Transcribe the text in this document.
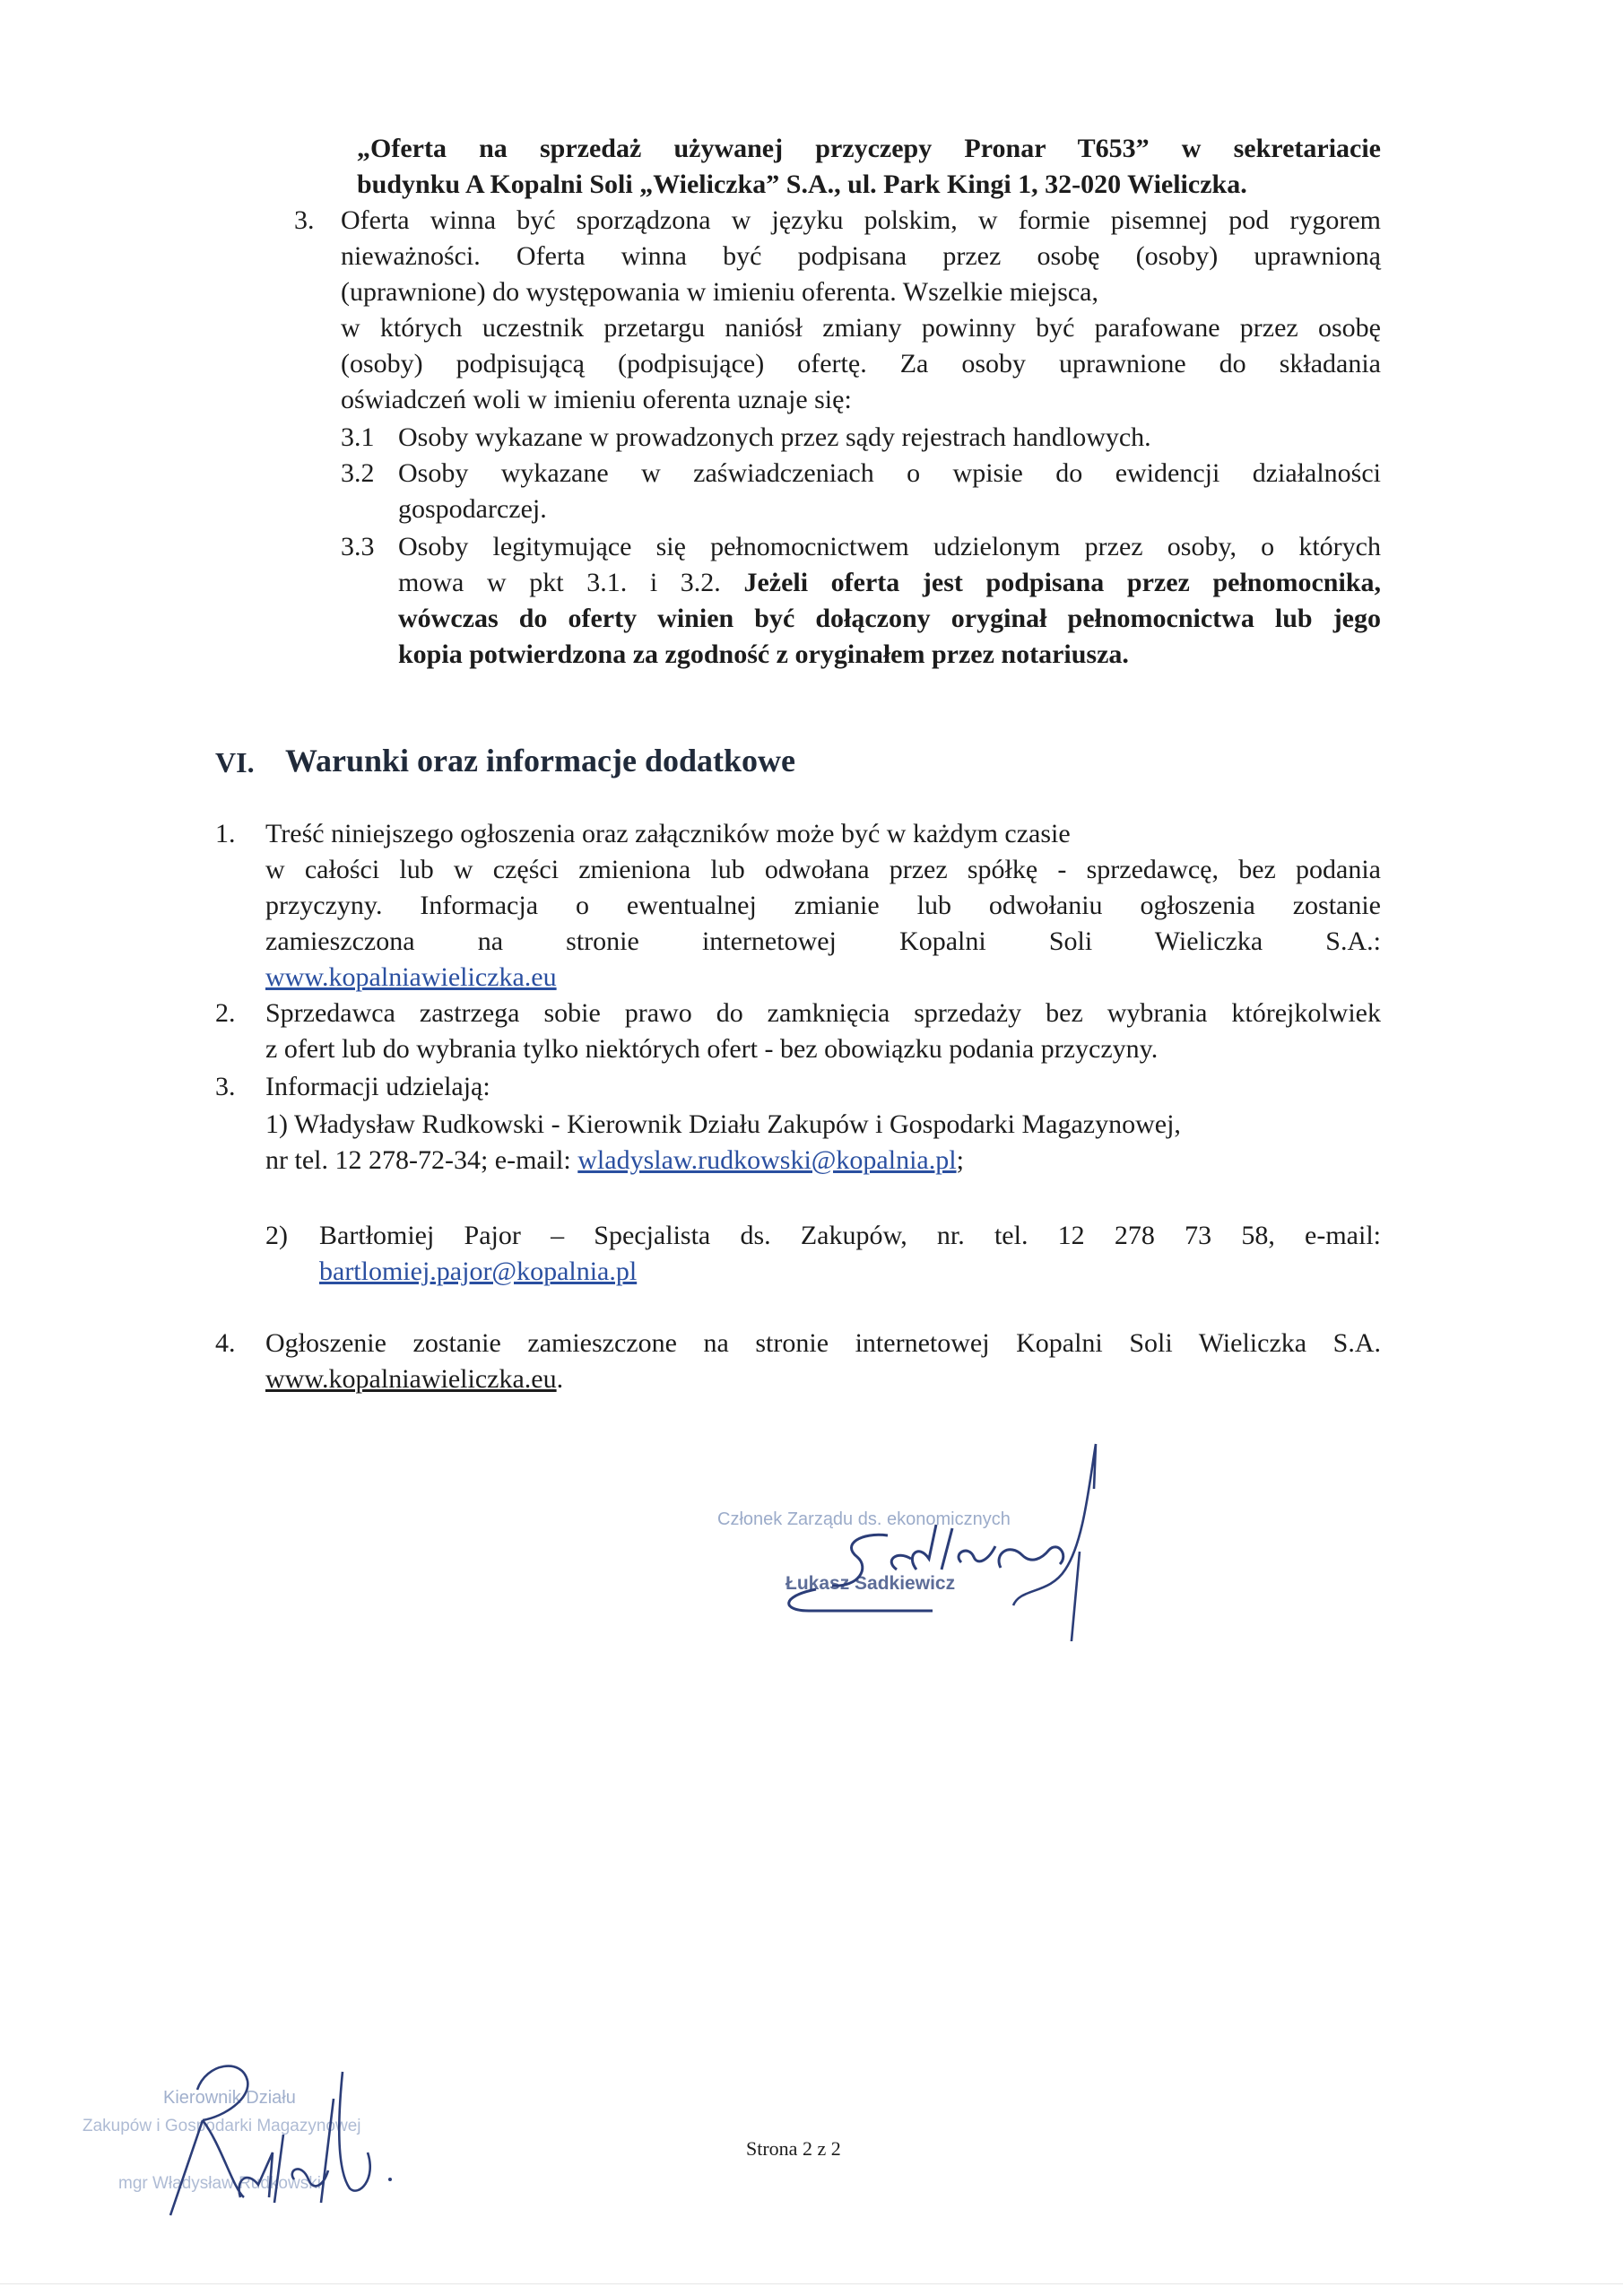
„Oferta na sprzedaż używanej przyczepy Pronar T653” w sekretariacie
budynku A Kopalni Soli „Wieliczka” S.A., ul. Park Kingi 1, 32-020 Wieliczka.
3. Oferta winna być sporządzona w języku polskim, w formie pisemnej pod rygorem
nieważności. Oferta winna być podpisana przez osobę (osoby) uprawnioną
(uprawnione) do występowania w imieniu oferenta. Wszelkie miejsca,
w których uczestnik przetargu naniósł zmiany powinny być parafowane przez osobę
(osoby) podpisującą (podpisujące) ofertę. Za osoby uprawnione do składania
oświadczeń woli w imieniu oferenta uznaje się:
3.1 Osoby wykazane w prowadzonych przez sądy rejestrach handlowych.
3.2 Osoby wykazane w zaświadczeniach o wpisie do ewidencji działalności
gospodarczej.
3.3 Osoby legitymujące się pełnomocnictwem udzielonym przez osoby, o których
mowa w pkt 3.1. i 3.2. Jeżeli oferta jest podpisana przez pełnomocnika,
wówczas do oferty winien być dołączony oryginał pełnomocnictwa lub jego
kopia potwierdzona za zgodność z oryginałem przez notariusza.
VI. Warunki oraz informacje dodatkowe
1. Treść niniejszego ogłoszenia oraz załączników może być w każdym czasie
w całości lub w części zmieniona lub odwołana przez spółkę - sprzedawcę, bez podania
przyczyny. Informacja o ewentualnej zmianie lub odwołaniu ogłoszenia zostanie
zamieszczona na stronie internetowej Kopalni Soli Wieliczka S.A.:
www.kopalniawieliczka.eu
2. Sprzedawca zastrzega sobie prawo do zamknięcia sprzedaży bez wybrania którejkolwiek
z ofert lub do wybrania tylko niektórych ofert - bez obowiązku podania przyczyny.
3. Informacji udzielają:
1) Władysław Rudkowski - Kierownik Działu Zakupów i Gospodarki Magazynowej,
nr tel. 12 278-72-34; e-mail: wladyslaw.rudkowski@kopalnia.pl;
2) Bartłomiej Pajor – Specjalista ds. Zakupów, nr. tel. 12 278 73 58, e-mail:
bartlomiej.pajor@kopalnia.pl
4. Ogłoszenie zostanie zamieszczone na stronie internetowej Kopalni Soli Wieliczka S.A.
www.kopalniawieliczka.eu.
Członek Zarządu ds. ekonomicznych
Łukasz Sadkiewicz
Kierownik Działu
Zakupów i Gospodarki Magazynowej
mgr Władysław Rudkowski
Strona 2 z 2
